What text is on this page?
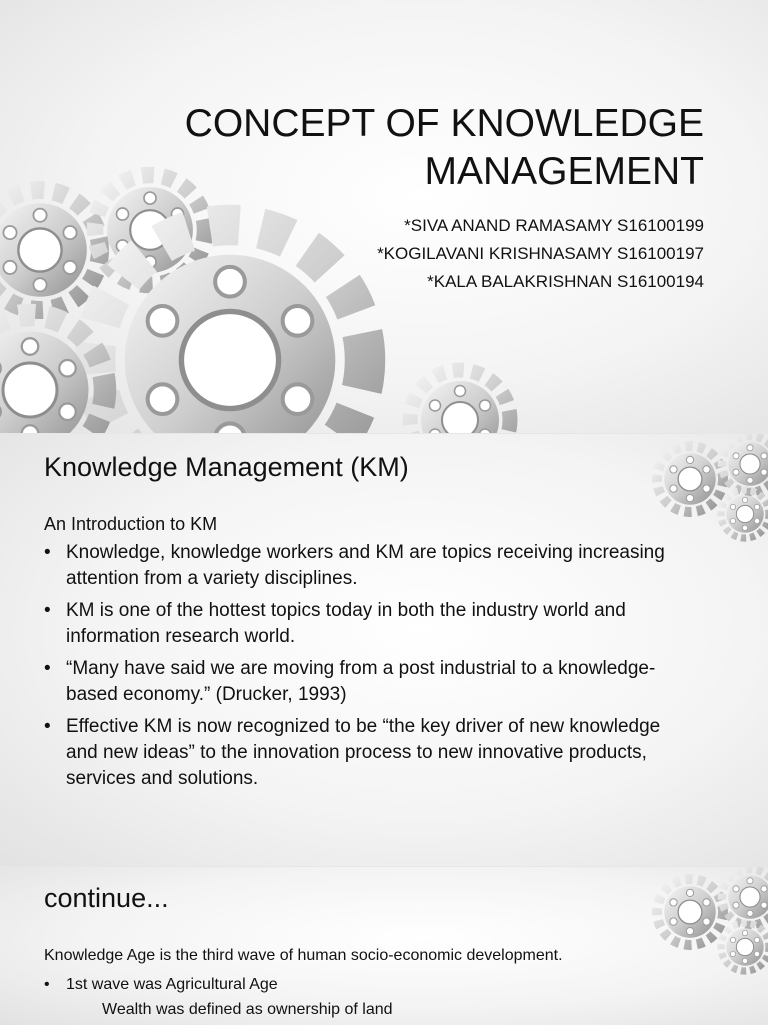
CONCEPT OF KNOWLEDGE
MANAGEMENT
*SIVA ANAND RAMASAMY S16100199
*KOGILAVANI KRISHNASAMY S16100197
*KALA BALAKRISHNAN S16100194
Knowledge Management (KM)
An Introduction to KM
• Knowledge, knowledge workers and KM are topics receiving increasing attention from a variety disciplines.
• KM is one of the hottest topics today in both the industry world and information research world.
• “Many have said we are moving from a post industrial to a knowledge-based economy.” (Drucker, 1993)
• Effective KM is now recognized to be “the key driver of new knowledge and new ideas” to the innovation process to new innovative products, services and solutions.
continue...
Knowledge Age is the third wave of human socio-economic development.
• 1st wave was Agricultural Age
Wealth was defined as ownership of land
